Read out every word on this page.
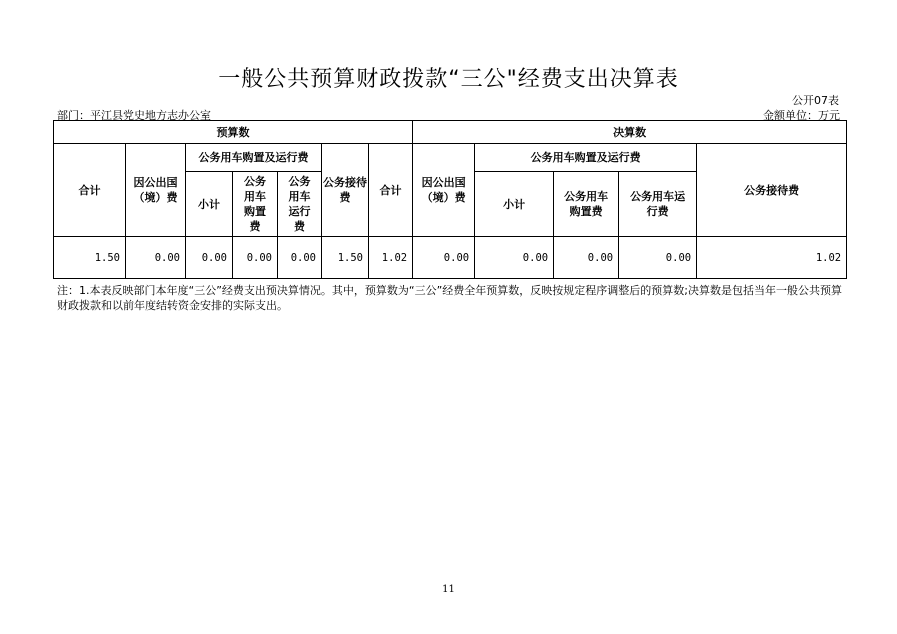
一般公共预算财政拨款“三公"经费支出决算表
公开07表
部门：平江县党史地方志办公室	金额单位：万元
预算数							决算数				
合计	因公出国（境）费	公务用车购置及运行费			公务接待费	合计	因公出国（境）费	公务用车购置及运行费			公务接待费
		小计	公务用车购置费	公务用车运行费				小计	公务用车购置费	公务用车运行费	
1.50	0.00	0.00	0.00	0.00	1.50	1.02	0.00	0.00	0.00	0.00	1.02
注：1.本表反映部门本年度“三公”经费支出预决算情况。其中，预算数为“三公”经费全年预算数，反映按规定程序调整后的预算数;决算数是包括当年一般公共预算财政拨款和以前年度结转资金安排的实际支出。
11
